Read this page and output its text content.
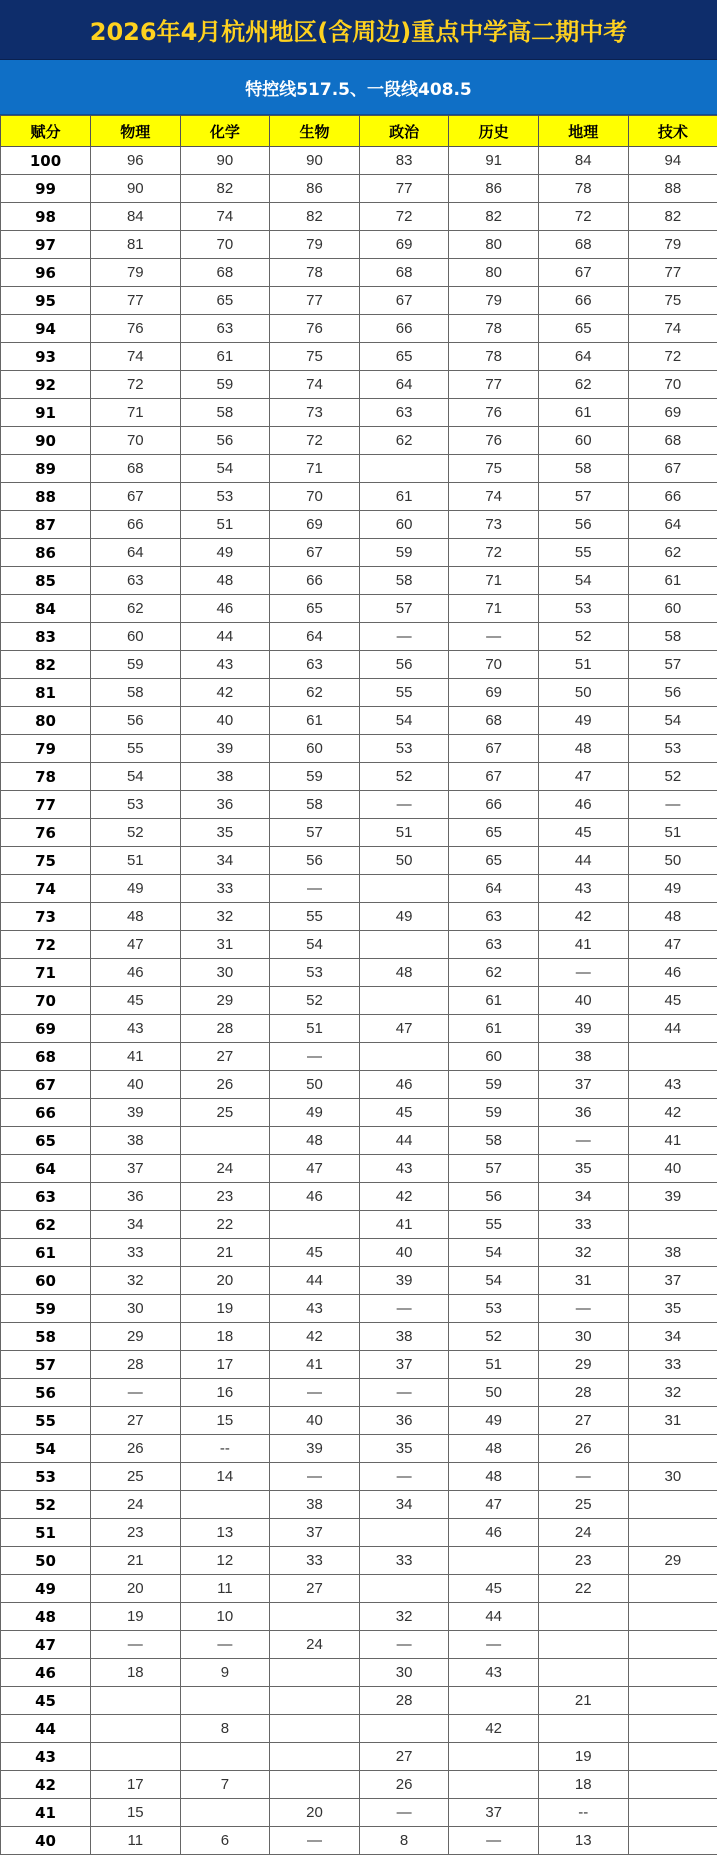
2026年4月杭州地区(含周边)重点中学高二期中考
特控线517.5、一段线408.5
赋分	物理	化学	生物	政治	历史	地理	技术
100	96	90	90	83	91	84	94
99	90	82	86	77	86	78	88
98	84	74	82	72	82	72	82
97	81	70	79	69	80	68	79
96	79	68	78	68	80	67	77
95	77	65	77	67	79	66	75
94	76	63	76	66	78	65	74
93	74	61	75	65	78	64	72
92	72	59	74	64	77	62	70
91	71	58	73	63	76	61	69
90	70	56	72	62	76	60	68
89	68	54	71		75	58	67
88	67	53	70	61	74	57	66
87	66	51	69	60	73	56	64
86	64	49	67	59	72	55	62
85	63	48	66	58	71	54	61
84	62	46	65	57	71	53	60
83	60	44	64	—	—	52	58
82	59	43	63	56	70	51	57
81	58	42	62	55	69	50	56
80	56	40	61	54	68	49	54
79	55	39	60	53	67	48	53
78	54	38	59	52	67	47	52
77	53	36	58	—	66	46	—
76	52	35	57	51	65	45	51
75	51	34	56	50	65	44	50
74	49	33	—		64	43	49
73	48	32	55	49	63	42	48
72	47	31	54		63	41	47
71	46	30	53	48	62	—	46
70	45	29	52		61	40	45
69	43	28	51	47	61	39	44
68	41	27	—		60	38	
67	40	26	50	46	59	37	43
66	39	25	49	45	59	36	42
65	38		48	44	58	—	41
64	37	24	47	43	57	35	40
63	36	23	46	42	56	34	39
62	34	22		41	55	33	
61	33	21	45	40	54	32	38
60	32	20	44	39	54	31	37
59	30	19	43	—	53	—	35
58	29	18	42	38	52	30	34
57	28	17	41	37	51	29	33
56	—	16	—	—	50	28	32
55	27	15	40	36	49	27	31
54	26	--	39	35	48	26	
53	25	14	—	—	48	—	30
52	24		38	34	47	25	
51	23	13	37		46	24	
50	21	12	33	33		23	29
49	20	11	27		45	22	
48	19	10		32	44		
47	—	—	24	—	—		
46	18	9		30	43		
45				28		21	
44		8			42		
43				27		19	
42	17	7		26		18	
41	15		20	—	37	--	
40	11	6	—	8	—	13	
